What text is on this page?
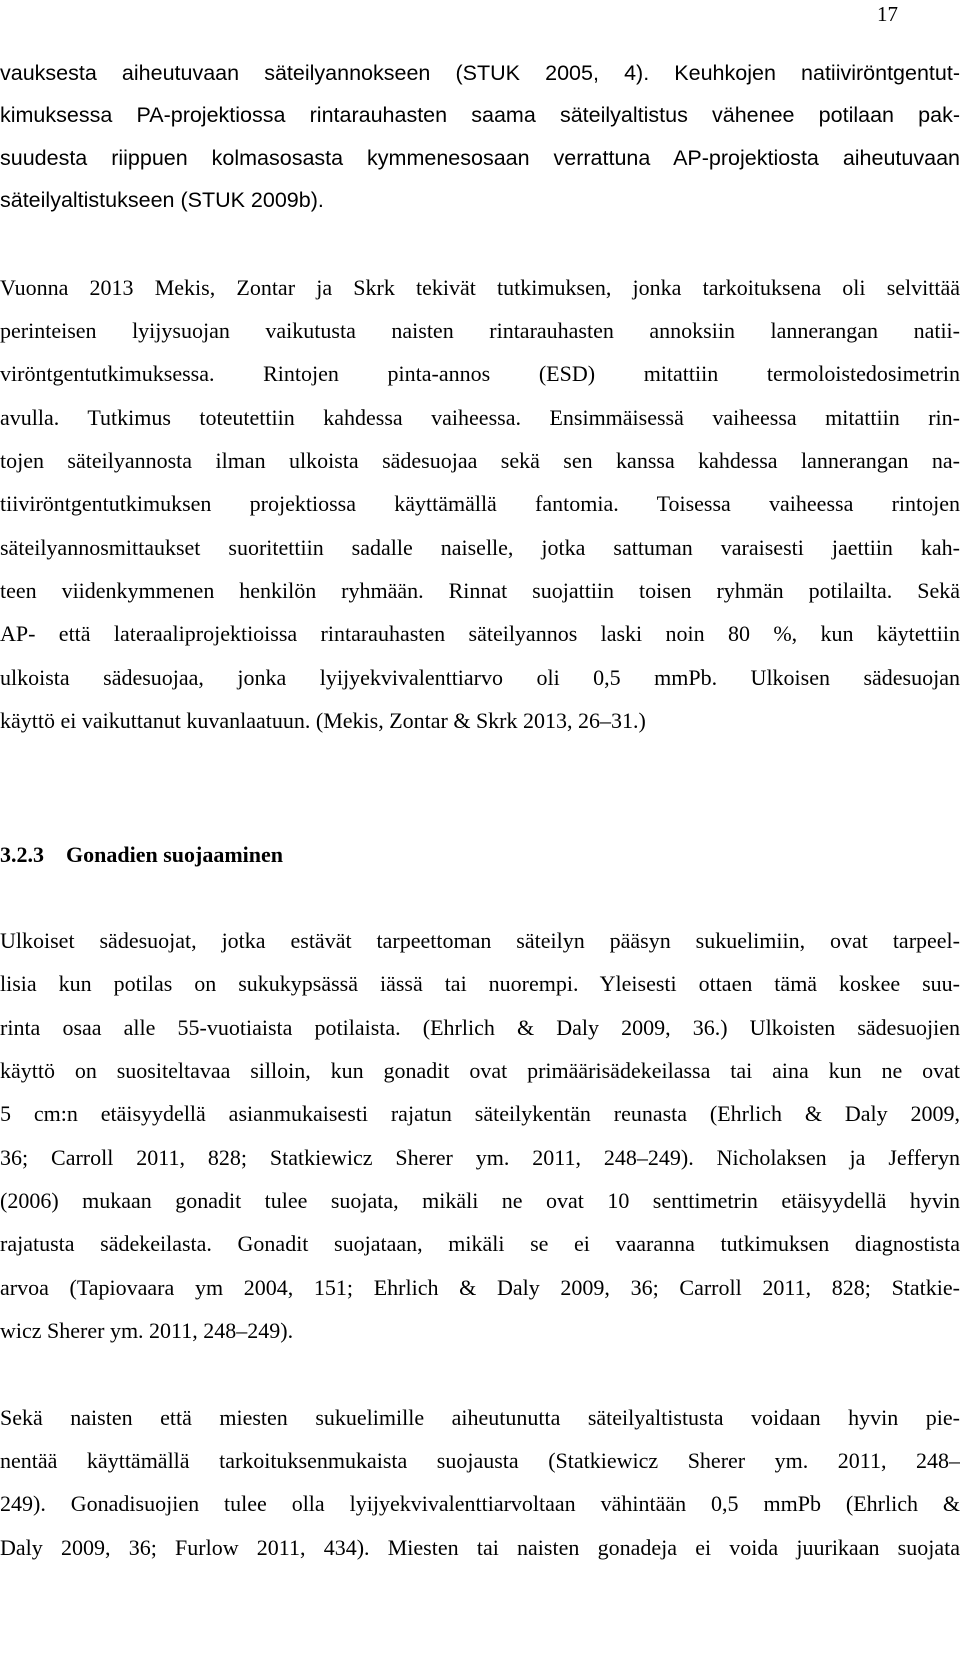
17
vauksesta aiheutuvaan säteilyannokseen (STUK 2005, 4). Keuhkojen natiiviröntgentut-
kimuksessa PA-projektiossa rintarauhasten saama säteilyaltistus vähenee potilaan pak-
suudesta riippuen kolmasosasta kymmenesosaan verrattuna AP-projektiosta aiheutuvaan
säteilyaltistukseen (STUK 2009b).
Vuonna 2013 Mekis, Zontar ja Skrk tekivät tutkimuksen, jonka tarkoituksena oli selvittää
perinteisen lyijysuojan vaikutusta naisten rintarauhasten annoksiin lannerangan natii-
viröntgentutkimuksessa. Rintojen pinta-annos (ESD) mitattiin termoloistedosimetrin
avulla. Tutkimus toteutettiin kahdessa vaiheessa. Ensimmäisessä vaiheessa mitattiin rin-
tojen säteilyannosta ilman ulkoista sädesuojaa sekä sen kanssa kahdessa lannerangan na-
tiiviröntgentutkimuksen projektiossa käyttämällä fantomia. Toisessa vaiheessa rintojen
säteilyannosmittaukset suoritettiin sadalle naiselle, jotka sattuman varaisesti jaettiin kah-
teen viidenkymmenen henkilön ryhmään. Rinnat suojattiin toisen ryhmän potilailta. Sekä
AP- että lateraaliprojektioissa rintarauhasten säteilyannos laski noin 80 %, kun käytettiin
ulkoista sädesuojaa, jonka lyijyekvivalenttiarvo oli 0,5 mmPb. Ulkoisen sädesuojan
käyttö ei vaikuttanut kuvanlaatuun. (Mekis, Zontar & Skrk 2013, 26–31.)
3.2.3 Gonadien suojaaminen
Ulkoiset sädesuojat, jotka estävät tarpeettoman säteilyn pääsyn sukuelimiin, ovat tarpeel-
lisia kun potilas on sukukypsässä iässä tai nuorempi. Yleisesti ottaen tämä koskee suu-
rinta osaa alle 55-vuotiaista potilaista. (Ehrlich & Daly 2009, 36.) Ulkoisten sädesuojien
käyttö on suositeltavaa silloin, kun gonadit ovat primäärisädekeilassa tai aina kun ne ovat
5 cm:n etäisyydellä asianmukaisesti rajatun säteilykentän reunasta (Ehrlich & Daly 2009,
36; Carroll 2011, 828; Statkiewicz Sherer ym. 2011, 248–249). Nicholaksen ja Jefferyn
(2006) mukaan gonadit tulee suojata, mikäli ne ovat 10 senttimetrin etäisyydellä hyvin
rajatusta sädekeilasta. Gonadit suojataan, mikäli se ei vaaranna tutkimuksen diagnostista
arvoa (Tapiovaara ym 2004, 151; Ehrlich & Daly 2009, 36; Carroll 2011, 828; Statkie-
wicz Sherer ym. 2011, 248–249).
Sekä naisten että miesten sukuelimille aiheutunutta säteilyaltistusta voidaan hyvin pie-
nentää käyttämällä tarkoituksenmukaista suojausta (Statkiewicz Sherer ym. 2011, 248–
249). Gonadisuojien tulee olla lyijyekvivalenttiarvoltaan vähintään 0,5 mmPb (Ehrlich &
Daly 2009, 36; Furlow 2011, 434). Miesten tai naisten gonadeja ei voida juurikaan suojata
